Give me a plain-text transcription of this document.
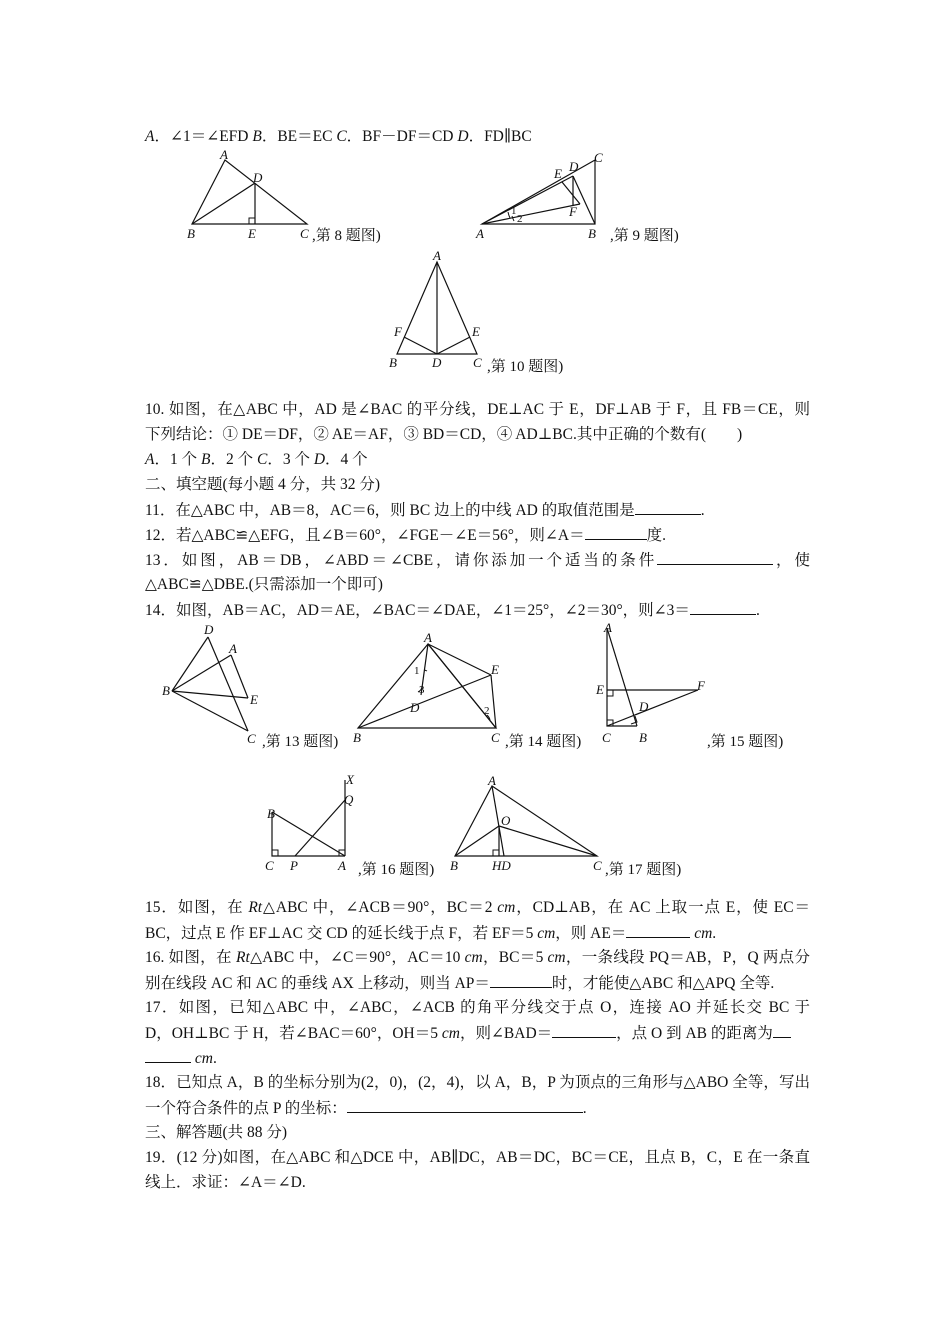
A．∠1＝∠EFD B．BE＝EC C．BF－DF＝CD D．FD∥BC
A
D
B	E	C ,第 8 题图)
E D
C
F
1
2
A	B ,第 9 题图)
A
F	E
B	D C ,第 10 题图)
10. 如图，在△ABC 中，AD 是∠BAC 的平分线，DE⊥AC 于 E，DF⊥AB 于 F，且 FB＝CE，则
下列结论：① DE＝DF，② AE＝AF，③ BD＝CD，④ AD⊥BC.其中正确的个数有(　　)
A．1 个 B．2 个 C．3 个 D．4 个
二、填空题(每小题 4 分，共 32 分)
11．在△ABC 中，AB＝8，AC＝6，则 BC 边上的中线 AD 的取值范围是	.
12．若△ABC≌△EFG，且∠B＝60°，∠FGE－∠E＝56°，则∠A＝	度.
13．如图，AB＝DB，∠ABD＝∠CBE，请你添加一个适当的条件	，使
△ABC≌△DBE.(只需添加一个即可)
14．如图，AB＝AC，AD＝AE，∠BAC＝∠DAE，∠1＝25°，∠2＝30°，则∠3＝	.
D
A
B
E
C ,第 13 题图)
A
E
1
3
2
D
B	C ,第 14 题图)
A
E	F
D
C B	,第 15 题图)
X
Q
B
C P	A ,第 16 题图)
A
O
B	HD	C ,第 17 题图)
15．如图，在 Rt△ABC 中，∠ACB＝90°，BC＝2 cm，CD⊥AB，在 AC 上取一点 E，使 EC＝
BC，过点 E 作 EF⊥AC 交 CD 的延长线于点 F，若 EF＝5 cm，则 AE＝	cm.
16. 如图，在 Rt△ABC 中，∠C＝90°，AC＝10 cm，BC＝5 cm，一条线段 PQ＝AB，P，Q 两点分
别在线段 AC 和 AC 的垂线 AX 上移动，则当 AP＝	时，才能使△ABC 和△APQ 全等.
17．如图，已知△ABC 中，∠ABC，∠ACB 的角平分线交于点 O，连接 AO 并延长交 BC 于
D，OH⊥BC 于 H，若∠BAC＝60°，OH＝5 cm，则∠BAD＝	，点 O 到 AB 的距离为
cm.
18．已知点 A，B 的坐标分别为(2，0)，(2，4)，以 A，B，P 为顶点的三角形与△ABO 全等，写出
一个符合条件的点 P 的坐标：	.
三、解答题(共 88 分)
19．(12 分)如图，在△ABC 和△DCE 中，AB∥DC，AB＝DC，BC＝CE，且点 B，C，E 在一条直
线上．求证：∠A＝∠D.
